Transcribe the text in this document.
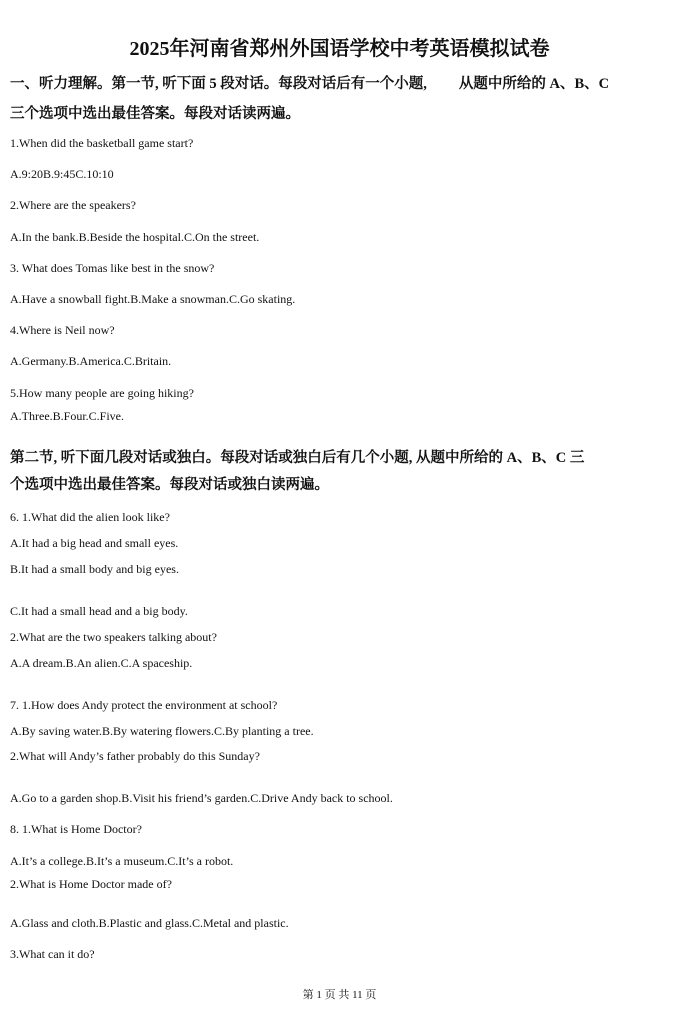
2025年河南省郑州外国语学校中考英语模拟试卷
一、听力理解。第一节, 听下面 5 段对话。每段对话后有一个小题, 从题中所给的 A、B、C
三个选项中选出最佳答案。每段对话读两遍。
1.When did the basketball game start?
A.9:20B.9:45C.10:10
2.Where are the speakers?
A.In the bank.B.Beside the hospital.C.On the street.
3. What does Tomas like best in the snow?
A.Have a snowball fight.B.Make a snowman.C.Go skating.
4.Where is Neil now?
A.Germany.B.America.C.Britain.
5.How many people are going hiking?
A.Three.B.Four.C.Five.
第二节, 听下面几段对话或独白。每段对话或独白后有几个小题, 从题中所给的 A、B、C 三
个选项中选出最佳答案。每段对话或独白读两遍。
6. 1.What did the alien look like?
A.It had a big head and small eyes.
B.It had a small body and big eyes.
C.It had a small head and a big body.
2.What are the two speakers talking about?
A.A dream.B.An alien.C.A spaceship.
7. 1.How does Andy protect the environment at school?
A.By saving water.B.By watering flowers.C.By planting a tree.
2.What will Andy’s father probably do this Sunday?
A.Go to a garden shop.B.Visit his friend’s garden.C.Drive Andy back to school.
8. 1.What is Home Doctor?
A.It’s a college.B.It’s a museum.C.It’s a robot.
2.What is Home Doctor made of?
A.Glass and cloth.B.Plastic and glass.C.Metal and plastic.
3.What can it do?
第 1 页 共 11 页
